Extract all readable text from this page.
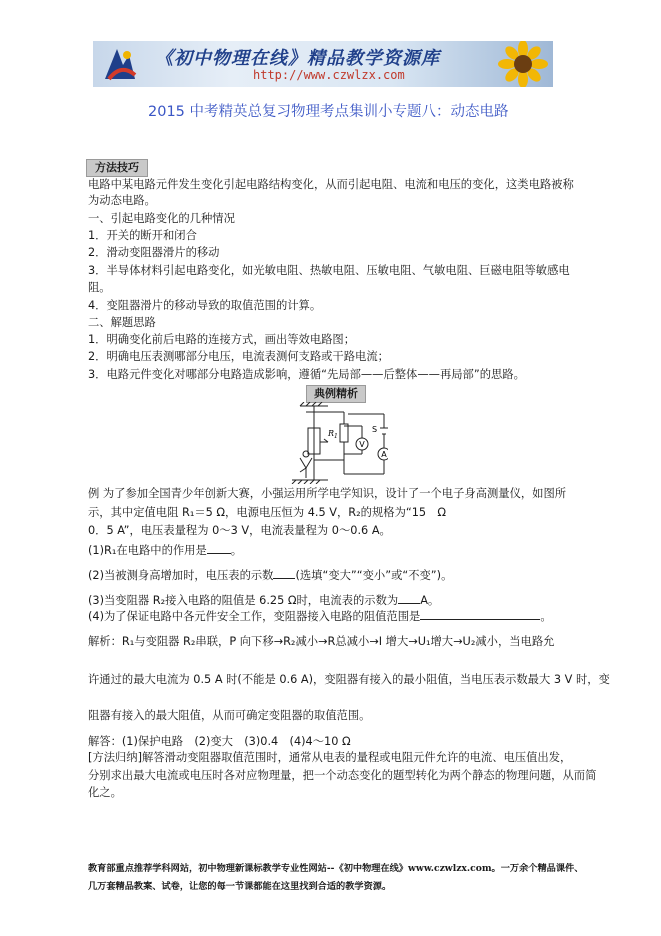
《初中物理在线》精品教学资源库
http://www.czwlzx.com
2015 中考精英总复习物理考点集训小专题八：动态电路
方法技巧
电路中某电路元件发生变化引起电路结构变化，从而引起电阻、电流和电压的变化，这类电路被称
为动态电路。
一、引起电路变化的几种情况
1．开关的断开和闭合
2．滑动变阻器滑片的移动
3．半导体材料引起电路变化，如光敏电阻、热敏电阻、压敏电阻、气敏电阻、巨磁电阻等敏感电
阻。
4．变阻器滑片的移动导致的取值范围的计算。
二、解题思路
1．明确变化前后电路的连接方式，画出等效电路图；
2．明确电压表测哪部分电压，电流表测何支路或干路电流；
3．电路元件变化对哪部分电路造成影响，遵循“先局部——后整体——再局部”的思路。
典例精析
V
A
$R_1$
S
例 为了参加全国青少年创新大赛，小强运用所学电学知识，设计了一个电子身高测量仪，如图所
示，其中定值电阻 R₁＝5 Ω，电源电压恒为 4.5 V，R₂的规格为“15　Ω
0．5 A”，电压表量程为 0～3 V，电流表量程为 0～0.6 A。
(1)R₁在电路中的作用是 。
(2)当被测身高增加时，电压表的示数 (选填“变大”“变小”或“不变”)。
(3)当变阻器 R₂接入电路的阻值是 6.25 Ω时，电流表的示数为 A。
(4)为了保证电路中各元件安全工作，变阻器接入电路的阻值范围是	。
解析：R₁与变阻器 R₂串联，P 向下移→R₂减小→R总减小→I 增大→U₁增大→U₂减小，当电路允
许通过的最大电流为 0.5 A 时(不能是 0.6 A)，变阻器有接入的最小阻值，当电压表示数最大 3 V 时，变
阻器有接入的最大阻值，从而可确定变阻器的取值范围。
解答：(1)保护电路　(2)变大　(3)0.4　(4)4～10 Ω
[方法归纳]解答滑动变阻器取值范围时，通常从电表的量程或电阻元件允许的电流、电压值出发，
分别求出最大电流或电压时各对应物理量，把一个动态变化的题型转化为两个静态的物理问题，从而简
化之。
教育部重点推荐学科网站，初中物理新课标教学专业性网站--《初中物理在线》www.czwlzx.com。一万余个精品课件、
几万套精品教案、试卷，让您的每一节课都能在这里找到合适的教学资源。
